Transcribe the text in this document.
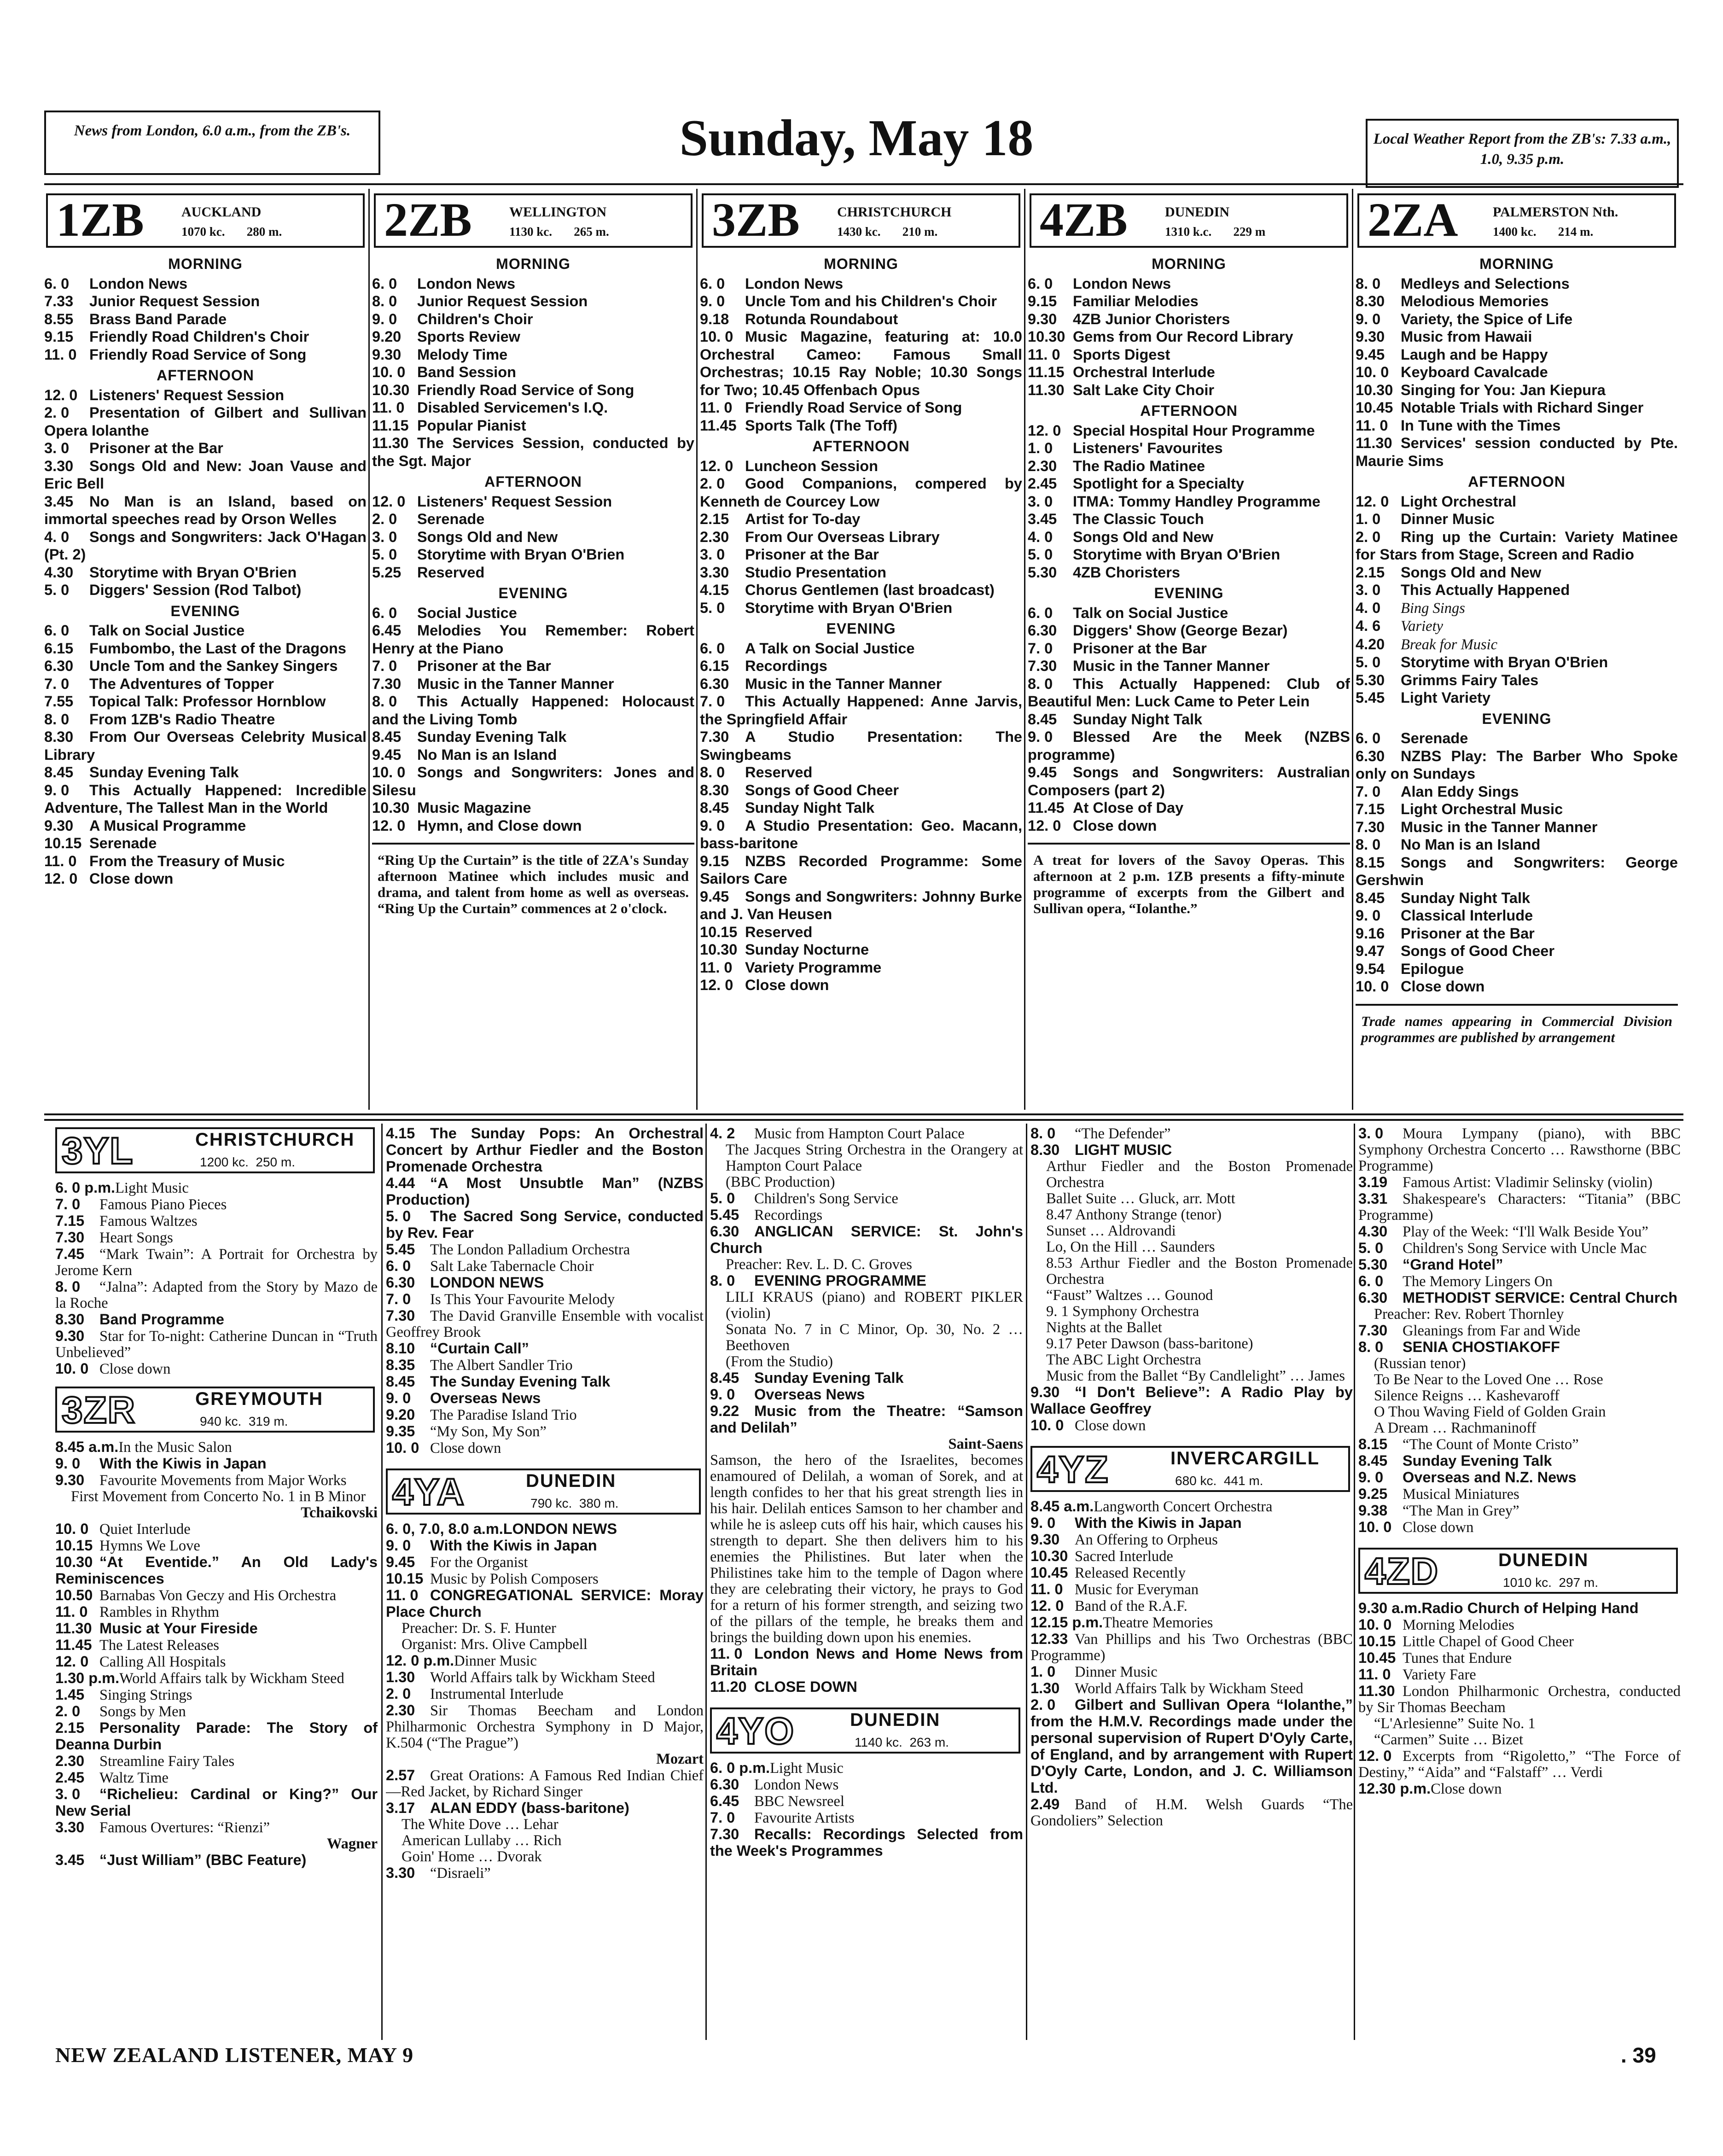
News from London, 6.0 a.m., from the ZB's.	Sunday, May 18	Local Weather Report from the ZB's: 7.33 a.m., 1.0, 9.35 p.m.
1ZB	AUCKLAND
1070 kc.       280 m.
MORNING
6. 0 London News
7.33 Junior Request Session
8.55 Brass Band Parade
9.15 Friendly Road Children's Choir
11. 0 Friendly Road Service of Song
AFTERNOON
12. 0 Listeners' Request Session
2. 0 Presentation of Gilbert and Sullivan Opera Iolanthe
3. 0 Prisoner at the Bar
3.30 Songs Old and New: Joan Vause and Eric Bell
3.45 No Man is an Island, based on immortal speeches read by Orson Welles
4. 0 Songs and Songwriters: Jack O'Hagan (Pt. 2)
4.30 Storytime with Bryan O'Brien
5. 0 Diggers' Session (Rod Talbot)
EVENING
6. 0 Talk on Social Justice
6.15 Fumbombo, the Last of the Dragons
6.30 Uncle Tom and the Sankey Singers
7. 0 The Adventures of Topper
7.55 Topical Talk: Professor Hornblow
8. 0 From 1ZB's Radio Theatre
8.30 From Our Overseas Celebrity Musical Library
8.45 Sunday Evening Talk
9. 0 This Actually Happened: Incredible Adventure, The Tallest Man in the World
9.30 A Musical Programme
10.15 Serenade
11. 0 From the Treasury of Music
12. 0 Close down
2ZB	WELLINGTON
1130 kc.       265 m.
MORNING
6. 0 London News
8. 0 Junior Request Session
9. 0 Children's Choir
9.20 Sports Review
9.30 Melody Time
10. 0 Band Session
10.30 Friendly Road Service of Song
11. 0 Disabled Servicemen's I.Q.
11.15 Popular Pianist
11.30 The Services Session, conducted by the Sgt. Major
AFTERNOON
12. 0 Listeners' Request Session
2. 0 Serenade
3. 0 Songs Old and New
5. 0 Storytime with Bryan O'Brien
5.25 Reserved
EVENING
6. 0 Social Justice
6.45 Melodies You Remember: Robert Henry at the Piano
7. 0 Prisoner at the Bar
7.30 Music in the Tanner Manner
8. 0 This Actually Happened: Holocaust and the Living Tomb
8.45 Sunday Evening Talk
9.45 No Man is an Island
10. 0 Songs and Songwriters: Jones and Silesu
10.30 Music Magazine
12. 0 Hymn, and Close down
“Ring Up the Curtain” is the title of 2ZA's Sunday afternoon Matinee which includes music and drama, and talent from home as well as overseas. “Ring Up the Curtain” commences at 2 o'clock.
3ZB	CHRISTCHURCH
1430 kc.       210 m.
MORNING
6. 0 London News
9. 0 Uncle Tom and his Children's Choir
9.18 Rotunda Roundabout
10. 0 Music Magazine, featuring at: 10.0 Orchestral Cameo: Famous Small Orchestras; 10.15 Ray Noble; 10.30 Songs for Two; 10.45 Offenbach Opus
11. 0 Friendly Road Service of Song
11.45 Sports Talk (The Toff)
AFTERNOON
12. 0 Luncheon Session
2. 0 Good Companions, compered by Kenneth de Courcey Low
2.15 Artist for To-day
2.30 From Our Overseas Library
3. 0 Prisoner at the Bar
3.30 Studio Presentation
4.15 Chorus Gentlemen (last broadcast)
5. 0 Storytime with Bryan O'Brien
EVENING
6. 0 A Talk on Social Justice
6.15 Recordings
6.30 Music in the Tanner Manner
7. 0 This Actually Happened: Anne Jarvis, the Springfield Affair
7.30 A Studio Presentation: The Swingbeams
8. 0 Reserved
8.30 Songs of Good Cheer
8.45 Sunday Night Talk
9. 0 A Studio Presentation: Geo. Macann, bass-baritone
9.15 NZBS Recorded Programme: Some Sailors Care
9.45 Songs and Songwriters: Johnny Burke and J. Van Heusen
10.15 Reserved
10.30 Sunday Nocturne
11. 0 Variety Programme
12. 0 Close down
4ZB	DUNEDIN
1310 k.c.       229 m
MORNING
6. 0 London News
9.15 Familiar Melodies
9.30 4ZB Junior Choristers
10.30 Gems from Our Record Library
11. 0 Sports Digest
11.15 Orchestral Interlude
11.30 Salt Lake City Choir
AFTERNOON
12. 0 Special Hospital Hour Programme
1. 0 Listeners' Favourites
2.30 The Radio Matinee
2.45 Spotlight for a Specialty
3. 0 ITMA: Tommy Handley Programme
3.45 The Classic Touch
4. 0 Songs Old and New
5. 0 Storytime with Bryan O'Brien
5.30 4ZB Choristers
EVENING
6. 0 Talk on Social Justice
6.30 Diggers' Show (George Bezar)
7. 0 Prisoner at the Bar
7.30 Music in the Tanner Manner
8. 0 This Actually Happened: Club of Beautiful Men: Luck Came to Peter Lein
8.45 Sunday Night Talk
9. 0 Blessed Are the Meek (NZBS programme)
9.45 Songs and Songwriters: Australian Composers (part 2)
11.45 At Close of Day
12. 0 Close down
A treat for lovers of the Savoy Operas. This afternoon at 2 p.m. 1ZB presents a fifty-minute programme of excerpts from the Gilbert and Sullivan opera, “Iolanthe.”
2ZA	PALMERSTON Nth.
1400 kc.       214 m.
MORNING
8. 0 Medleys and Selections
8.30 Melodious Memories
9. 0 Variety, the Spice of Life
9.30 Music from Hawaii
9.45 Laugh and be Happy
10. 0 Keyboard Cavalcade
10.30 Singing for You: Jan Kiepura
10.45 Notable Trials with Richard Singer
11. 0 In Tune with the Times
11.30 Services' session conducted by Pte. Maurie Sims
AFTERNOON
12. 0 Light Orchestral
1. 0 Dinner Music
2. 0 Ring up the Curtain: Variety Matinee for Stars from Stage, Screen and Radio
2.15 Songs Old and New
3. 0 This Actually Happened
4. 0 Bing Sings
4. 6 Variety
4.20 Break for Music
5. 0 Storytime with Bryan O'Brien
5.30 Grimms Fairy Tales
5.45 Light Variety
EVENING
6. 0 Serenade
6.30 NZBS Play: The Barber Who Spoke only on Sundays
7. 0 Alan Eddy Sings
7.15 Light Orchestral Music
7.30 Music in the Tanner Manner
8. 0 No Man is an Island
8.15 Songs and Songwriters: George Gershwin
8.45 Sunday Night Talk
9. 0 Classical Interlude
9.16 Prisoner at the Bar
9.47 Songs of Good Cheer
9.54 Epilogue
10. 0 Close down
Trade names appearing in Commercial Division programmes are published by arrangement
3YL	CHRISTCHURCH
1200 kc.  250 m.
6. 0 p.m.Light Music
7. 0Famous Piano Pieces
7.15Famous Waltzes
7.30Heart Songs
7.45“Mark Twain”: A Portrait for Orchestra by Jerome Kern
8. 0“Jalna”: Adapted from the Story by Mazo de la Roche
8.30Band Programme
9.30Star for To-night: Catherine Duncan in “Truth Unbelieved”
10. 0Close down
3ZR	GREYMOUTH
940 kc.  319 m.
8.45 a.m.In the Music Salon
9. 0With the Kiwis in Japan
9.30Favourite Movements from Major Works
First Movement from Concerto No. 1 in B Minor
Tchaikovski
10. 0Quiet Interlude
10.15Hymns We Love
10.30“At Eventide.” An Old Lady's Reminiscences
10.50Barnabas Von Geczy and His Orchestra
11. 0Rambles in Rhythm
11.30Music at Your Fireside
11.45The Latest Releases
12. 0Calling All Hospitals
1.30 p.m.World Affairs talk by Wickham Steed
1.45Singing Strings
2. 0Songs by Men
2.15Personality Parade: The Story of Deanna Durbin
2.30Streamline Fairy Tales
2.45Waltz Time
3. 0“Richelieu: Cardinal or King?” Our New Serial
3.30Famous Overtures: “Rienzi”
Wagner
3.45“Just William” (BBC Feature)
4.15The Sunday Pops: An Orchestral Concert by Arthur Fiedler and the Boston Promenade Orchestra
4.44“A Most Unsubtle Man” (NZBS Production)
5. 0The Sacred Song Service, conducted by Rev. Fear
5.45The London Palladium Orchestra
6. 0Salt Lake Tabernacle Choir
6.30LONDON NEWS
7. 0Is This Your Favourite Melody
7.30The David Granville Ensemble with vocalist Geoffrey Brook
8.10“Curtain Call”
8.35The Albert Sandler Trio
8.45The Sunday Evening Talk
9. 0Overseas News
9.20The Paradise Island Trio
9.35“My Son, My Son”
10. 0Close down
4YA	DUNEDIN
790 kc.  380 m.
6. 0, 7.0, 8.0 a.m.LONDON NEWS
9. 0With the Kiwis in Japan
9.45For the Organist
10.15Music by Polish Composers
11. 0CONGREGATIONAL SERVICE: Moray Place Church
Preacher: Dr. S. F. Hunter
Organist: Mrs. Olive Campbell
12. 0 p.m.Dinner Music
1.30World Affairs talk by Wickham Steed
2. 0Instrumental Interlude
2.30Sir Thomas Beecham and London Philharmonic Orchestra Symphony in D Major, K.504 (“The Prague”)
Mozart
2.57Great Orations: A Famous Red Indian Chief—Red Jacket, by Richard Singer
3.17ALAN EDDY (bass-baritone)
The White Dove … Lehar
American Lullaby … Rich
Goin' Home … Dvorak
3.30“Disraeli”
4. 2Music from Hampton Court Palace
The Jacques String Orchestra in the Orangery at Hampton Court Palace
(BBC Production)
5. 0Children's Song Service
5.45Recordings
6.30ANGLICAN SERVICE: St. John's Church
Preacher: Rev. L. D. C. Groves
8. 0EVENING PROGRAMME
LILI KRAUS (piano) and ROBERT PIKLER (violin)
Sonata No. 7 in C Minor, Op. 30, No. 2 … Beethoven
(From the Studio)
8.45Sunday Evening Talk
9. 0Overseas News
9.22Music from the Theatre: “Samson and Delilah”
Saint-Saens
Samson, the hero of the Israelites, becomes enamoured of Delilah, a woman of Sorek, and at length confides to her that his great strength lies in his hair. Delilah entices Samson to her chamber and while he is asleep cuts off his hair, which causes his strength to depart. She then delivers him to his enemies the Philistines. But later when the Philistines take him to the temple of Dagon where they are celebrating their victory, he prays to God for a return of his former strength, and seizing two of the pillars of the temple, he breaks them and brings the building down upon his enemies.
11. 0London News and Home News from Britain
11.20CLOSE DOWN
4YO	DUNEDIN
1140 kc.  263 m.
6. 0 p.m.Light Music
6.30London News
6.45BBC Newsreel
7. 0Favourite Artists
7.30Recalls: Recordings Selected from the Week's Programmes
8. 0“The Defender”
8.30LIGHT MUSIC
Arthur Fiedler and the Boston Promenade Orchestra
Ballet Suite … Gluck, arr. Mott
8.47 Anthony Strange (tenor)
Sunset … Aldrovandi
Lo, On the Hill … Saunders
8.53 Arthur Fiedler and the Boston Promenade Orchestra
“Faust” Waltzes … Gounod
9. 1 Symphony Orchestra
Nights at the Ballet
9.17 Peter Dawson (bass-baritone)
The ABC Light Orchestra
Music from the Ballet “By Candlelight” … James
9.30“I Don't Believe”: A Radio Play by Wallace Geoffrey
10. 0Close down
4YZ	INVERCARGILL
680 kc.  441 m.
8.45 a.m.Langworth Concert Orchestra
9. 0With the Kiwis in Japan
9.30An Offering to Orpheus
10.30Sacred Interlude
10.45Released Recently
11. 0Music for Everyman
12. 0Band of the R.A.F.
12.15 p.m.Theatre Memories
12.33Van Phillips and his Two Orchestras (BBC Programme)
1. 0Dinner Music
1.30World Affairs Talk by Wickham Steed
2. 0Gilbert and Sullivan Opera “Iolanthe,” from the H.M.V. Recordings made under the personal supervision of Rupert D'Oyly Carte, of England, and by arrangement with Rupert D'Oyly Carte, London, and J. C. Williamson Ltd.
2.49Band of H.M. Welsh Guards “The Gondoliers” Selection
3. 0Moura Lympany (piano), with BBC Symphony Orchestra Concerto … Rawsthorne (BBC Programme)
3.19Famous Artist: Vladimir Selinsky (violin)
3.31Shakespeare's Characters: “Titania” (BBC Programme)
4.30Play of the Week: “I'll Walk Beside You”
5. 0Children's Song Service with Uncle Mac
5.30“Grand Hotel”
6. 0The Memory Lingers On
6.30METHODIST SERVICE: Central Church
Preacher: Rev. Robert Thornley
7.30Gleanings from Far and Wide
8. 0SENIA CHOSTIAKOFF
(Russian tenor)
To Be Near to the Loved One … Rose
Silence Reigns … Kashevaroff
O Thou Waving Field of Golden Grain
A Dream … Rachmaninoff
8.15“The Count of Monte Cristo”
8.45Sunday Evening Talk
9. 0Overseas and N.Z. News
9.25Musical Miniatures
9.38“The Man in Grey”
10. 0Close down
4ZD	DUNEDIN
1010 kc.  297 m.
9.30 a.m.Radio Church of Helping Hand
10. 0Morning Melodies
10.15Little Chapel of Good Cheer
10.45Tunes that Endure
11. 0Variety Fare
11.30London Philharmonic Orchestra, conducted by Sir Thomas Beecham
“L'Arlesienne” Suite No. 1
“Carmen” Suite … Bizet
12. 0Excerpts from “Rigoletto,” “The Force of Destiny,” “Aida” and “Falstaff” … Verdi
12.30 p.m.Close down
NEW ZEALAND LISTENER, MAY 9	. 39
